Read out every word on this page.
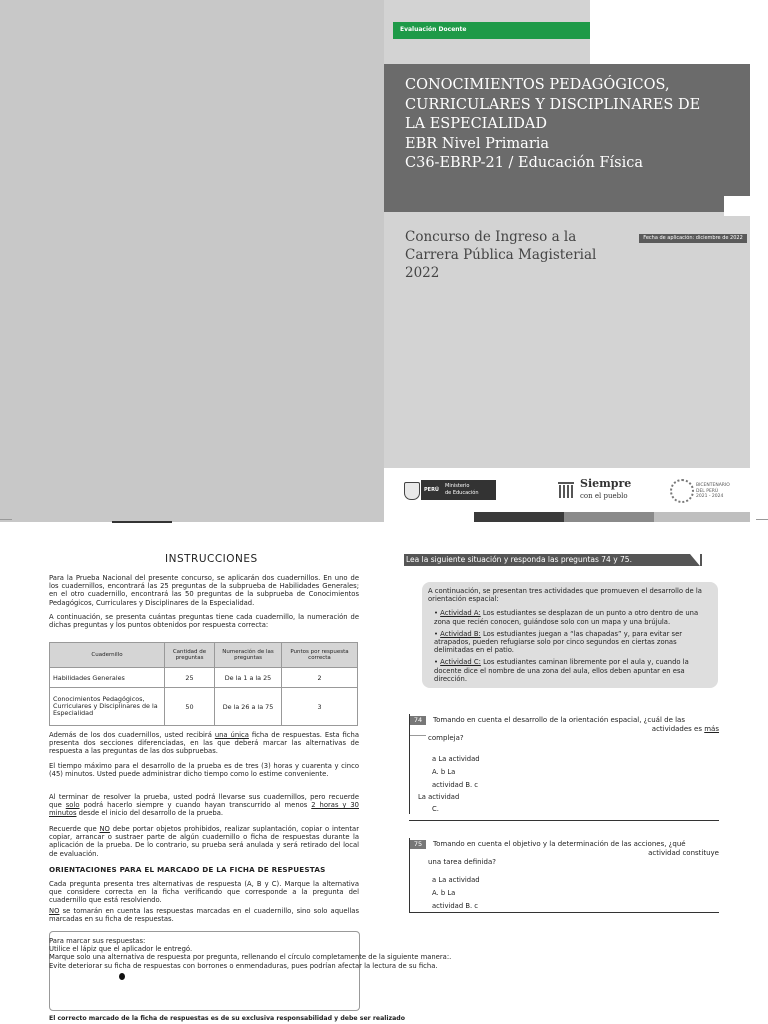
Evaluación Docente
CONOCIMIENTOS PEDAGÓGICOS,
CURRICULARES Y DISCIPLINARES DE
LA ESPECIALIDAD
EBR Nivel Primaria
C36-EBRP-21 / Educación Física
Concurso de Ingreso a la
Carrera Pública Magisterial
2022
Fecha de aplicación: diciembre de 2022
PERÚ
Ministerio
de Educación
Siempre
con el pueblo
BICENTENARIO
DEL PERÚ
2021 - 2024
INSTRUCCIONES
Para la Prueba Nacional del presente concurso, se aplicarán dos cuadernillos. En uno de los cuadernillos, encontrará las 25 preguntas de la subprueba de Habilidades Generales; en el otro cuadernillo, encontrará las 50 preguntas de la subprueba de Conocimientos Pedagógicos, Curriculares y Disciplinares de la Especialidad.
A continuación, se presenta cuántas preguntas tiene cada cuadernillo, la numeración de dichas preguntas y los puntos obtenidos por respuesta correcta:
Cuadernillo	Cantidad de preguntas	Numeración de las preguntas	Puntos por respuesta correcta
Habilidades Generales	25	De la 1 a la 25	2
Conocimientos Pedagógicos, Curriculares y Disciplinares de la Especialidad	50	De la 26 a la 75	3
Además de los dos cuadernillos, usted recibirá una única ficha de respuestas. Esta ficha presenta dos secciones diferenciadas, en las que deberá marcar las alternativas de respuesta a las preguntas de las dos subpruebas.
El tiempo máximo para el desarrollo de la prueba es de tres (3) horas y cuarenta y cinco (45) minutos. Usted puede administrar dicho tiempo como lo estime conveniente.
Al terminar de resolver la prueba, usted podrá llevarse sus cuadernillos, pero recuerde que solo podrá hacerlo siempre y cuando hayan transcurrido al menos 2 horas y 30 minutos desde el inicio del desarrollo de la prueba.
Recuerde que NO debe portar objetos prohibidos, realizar suplantación, copiar o intentar copiar, arrancar o sustraer parte de algún cuadernillo o ficha de respuestas durante la aplicación de la prueba. De lo contrario, su prueba será anulada y será retirado del local de evaluación.
ORIENTACIONES PARA EL MARCADO DE LA FICHA DE RESPUESTAS
Cada pregunta presenta tres alternativas de respuesta (A, B y C). Marque la alternativa que considere correcta en la ficha verificando que corresponde a la pregunta del cuadernillo que está resolviendo.
NO se tomarán en cuenta las respuestas marcadas en el cuadernillo, sino solo aquellas marcadas en su ficha de respuestas.
Para marcar sus respuestas:
Utilice el lápiz que el aplicador le entregó.
Marque solo una alternativa de respuesta por pregunta, rellenando el círculo completamente de la siguiente manera:.
Evite deteriorar su ficha de respuestas con borrones o enmendaduras, pues podrían afectar la lectura de su ficha.
El correcto marcado de la ficha de respuestas es de su exclusiva responsabilidad y debe ser realizado
Lea la siguiente situación y responda las preguntas 74 y 75.
A continuación, se presentan tres actividades que promueven el desarrollo de la orientación espacial:
• Actividad A: Los estudiantes se desplazan de un punto a otro dentro de una zona que recién conocen, guiándose solo con un mapa y una brújula.
• Actividad B: Los estudiantes juegan a “las chapadas” y, para evitar ser atrapados, pueden refugiarse solo por cinco segundos en ciertas zonas delimitadas en el patio.
• Actividad C: Los estudiantes caminan libremente por el aula y, cuando la docente dice el nombre de una zona del aula, ellos deben apuntar en esa dirección.
74	Tomando en cuenta el desarrollo de la orientación espacial, ¿cuál de las
actividades es más
compleja?
a La actividad
A. b La
actividad B. c
La actividad
C.
75	Tomando en cuenta el objetivo y la determinación de las acciones, ¿qué
actividad constituye
una tarea definida?
a La actividad
A. b La
actividad B. c
